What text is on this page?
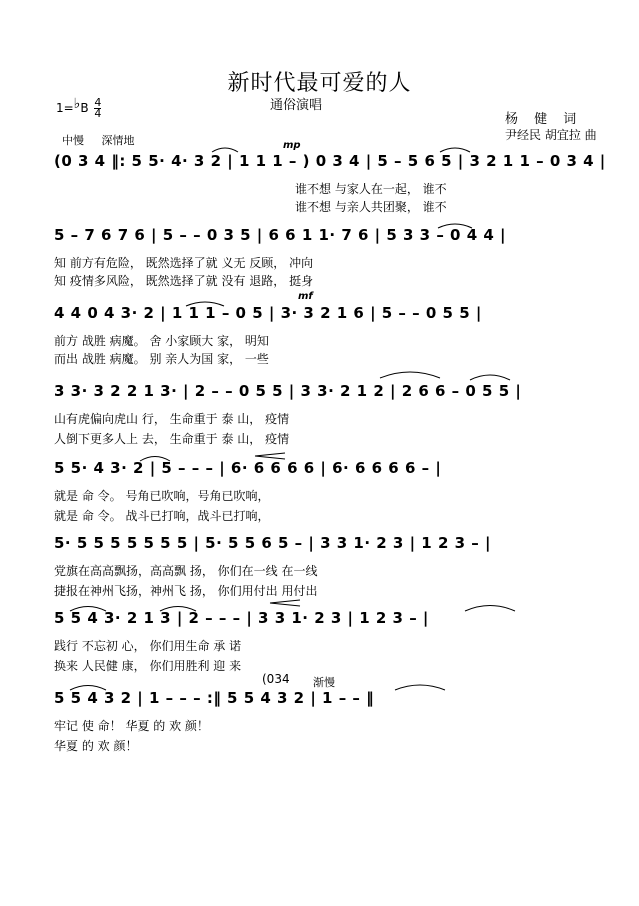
新时代最可爱的人
通俗演唱
1=♭B $\frac{4}{4}$
杨 健 词
尹经民 胡宜拉 曲
中慢 深情地	mp
(0 3 4 ‖: 5 5· 4· 3 2 | 1 1 1 – ) 0 3 4 | 5 – 5 6 5 | 3 2 1 1 – 0 3 4 |
谁不想 与家人在一起， 谁不
谁不想 与亲人共团聚， 谁不
5 – 7 6 7 6 | 5 – – 0 3 5 | 6 6 1 1· 7 6 | 5 3 3 – 0 4 4 |
知 前方有危险， 既然选择了就 义无 反顾， 冲向
知 疫情多风险， 既然选择了就 没有 退路， 挺身
mf
4 4 0 4 3· 2 | 1 1 1 – 0 5 | 3· 3 2 1 6 | 5 – – 0 5 5 |
前方 战胜 病魔。 舍 小家顾大 家， 明知
而出 战胜 病魔。 别 亲人为国 家， 一些
3 3· 3 2 2 1 3· | 2 – – 0 5 5 | 3 3· 2 1 2 | 2 6 6 – 0 5 5 |
山有虎偏向虎山 行， 生命重于 泰 山， 疫情
人倒下更多人上 去， 生命重于 泰 山， 疫情
5 5· 4 3· 2 | 5 – – – | 6· 6 6 6 6 | 6· 6 6 6 6 – |
就是 命 令。 号角已吹响，号角已吹响，
就是 命 令。 战斗已打响，战斗已打响，
5· 5 5 5 5 5 5 5 | 5· 5 5 6 5 – | 3 3 1· 2 3 | 1 2 3 – |
党旗在高高飘扬，高高飘 扬， 你们在一线 在一线
捷报在神州飞扬，神州飞 扬， 你们用付出 用付出
5 5 4 3· 2 1 3 | 2 – – – | 3 3 1· 2 3 | 1 2 3 – |
践行 不忘初 心， 你们用生命 承 诺
换来 人民健 康， 你们用胜利 迎 来
(034 渐慢
5 5 4 3 2 | 1 – – – :‖ 5 5 4 3 2 | 1 – – ‖
牢记 使 命！ 华夏 的 欢 颜！
华夏 的 欢 颜！
